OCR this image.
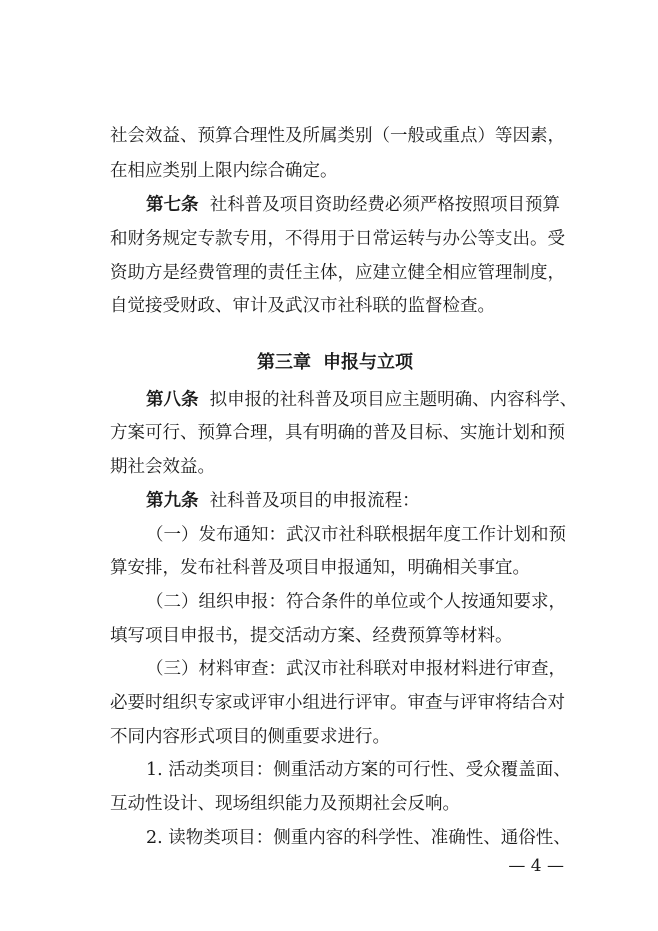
社会效益、预算合理性及所属类别（一般或重点）等因素，
在相应类别上限内综合确定。
第七条 社科普及项目资助经费必须严格按照项目预算
和财务规定专款专用，不得用于日常运转与办公等支出。受
资助方是经费管理的责任主体，应建立健全相应管理制度，
自觉接受财政、审计及武汉市社科联的监督检查。
第三章 申报与立项
第八条 拟申报的社科普及项目应主题明确、内容科学、
方案可行、预算合理，具有明确的普及目标、实施计划和预
期社会效益。
第九条 社科普及项目的申报流程：
（一）发布通知：武汉市社科联根据年度工作计划和预
算安排，发布社科普及项目申报通知，明确相关事宜。
（二）组织申报：符合条件的单位或个人按通知要求，
填写项目申报书，提交活动方案、经费预算等材料。
（三）材料审查：武汉市社科联对申报材料进行审查，
必要时组织专家或评审小组进行评审。审查与评审将结合对
不同内容形式项目的侧重要求进行。
1. 活动类项目：侧重活动方案的可行性、受众覆盖面、
互动性设计、现场组织能力及预期社会反响。
2. 读物类项目：侧重内容的科学性、准确性、通俗性、
— 4 —
